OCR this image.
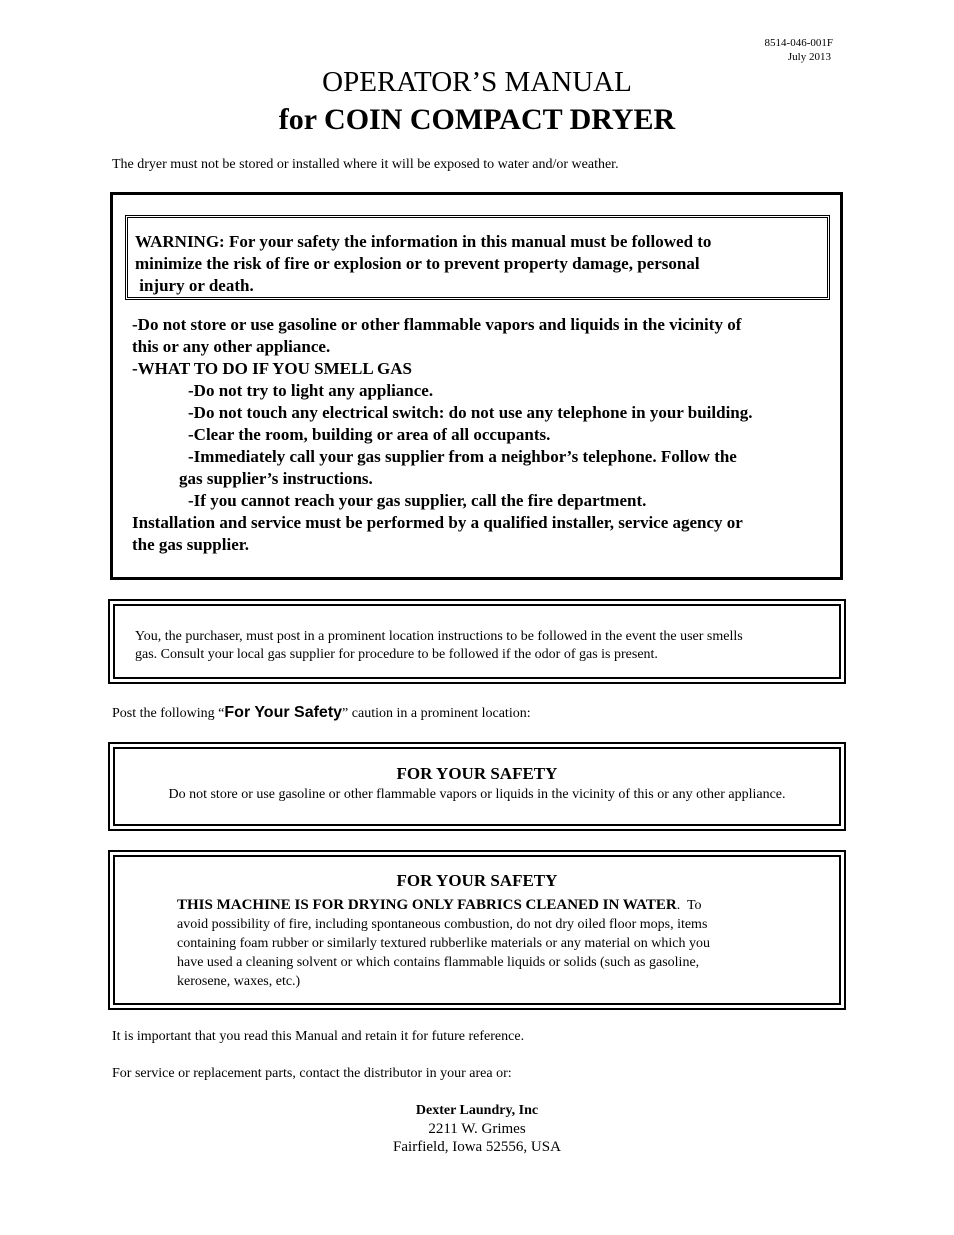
8514-046-001F
July 2013
OPERATOR’S MANUAL
for COIN COMPACT DRYER
The dryer must not be stored or installed where it will be exposed to water and/or weather.
WARNING: For your safety the information in this manual must be followed to
minimize the risk of fire or explosion or to prevent property damage, personal
injury or death.
-Do not store or use gasoline or other flammable vapors and liquids in the vicinity of
this or any other appliance.
-WHAT TO DO IF YOU SMELL GAS
-Do not try to light any appliance.
-Do not touch any electrical switch: do not use any telephone in your building.
-Clear the room, building or area of all occupants.
-Immediately call your gas supplier from a neighbor’s telephone. Follow the
gas supplier’s instructions.
-If you cannot reach your gas supplier, call the fire department.
Installation and service must be performed by a qualified installer, service agency or
the gas supplier.
You, the purchaser, must post in a prominent location instructions to be followed in the event the user smells
gas. Consult your local gas supplier for procedure to be followed if the odor of gas is present.
Post the following “For Your Safety” caution in a prominent location:
FOR YOUR SAFETY
Do not store or use gasoline or other flammable vapors or liquids in the vicinity of this or any other appliance.
FOR YOUR SAFETY
THIS MACHINE IS FOR DRYING ONLY FABRICS CLEANED IN WATER.  To
avoid possibility of fire, including spontaneous combustion, do not dry oiled floor mops, items
containing foam rubber or similarly textured rubberlike materials or any material on which you
have used a cleaning solvent or which contains flammable liquids or solids (such as gasoline,
kerosene, waxes, etc.)
It is important that you read this Manual and retain it for future reference.
For service or replacement parts, contact the distributor in your area or:
Dexter Laundry, Inc
2211 W. Grimes
Fairfield, Iowa 52556, USA
